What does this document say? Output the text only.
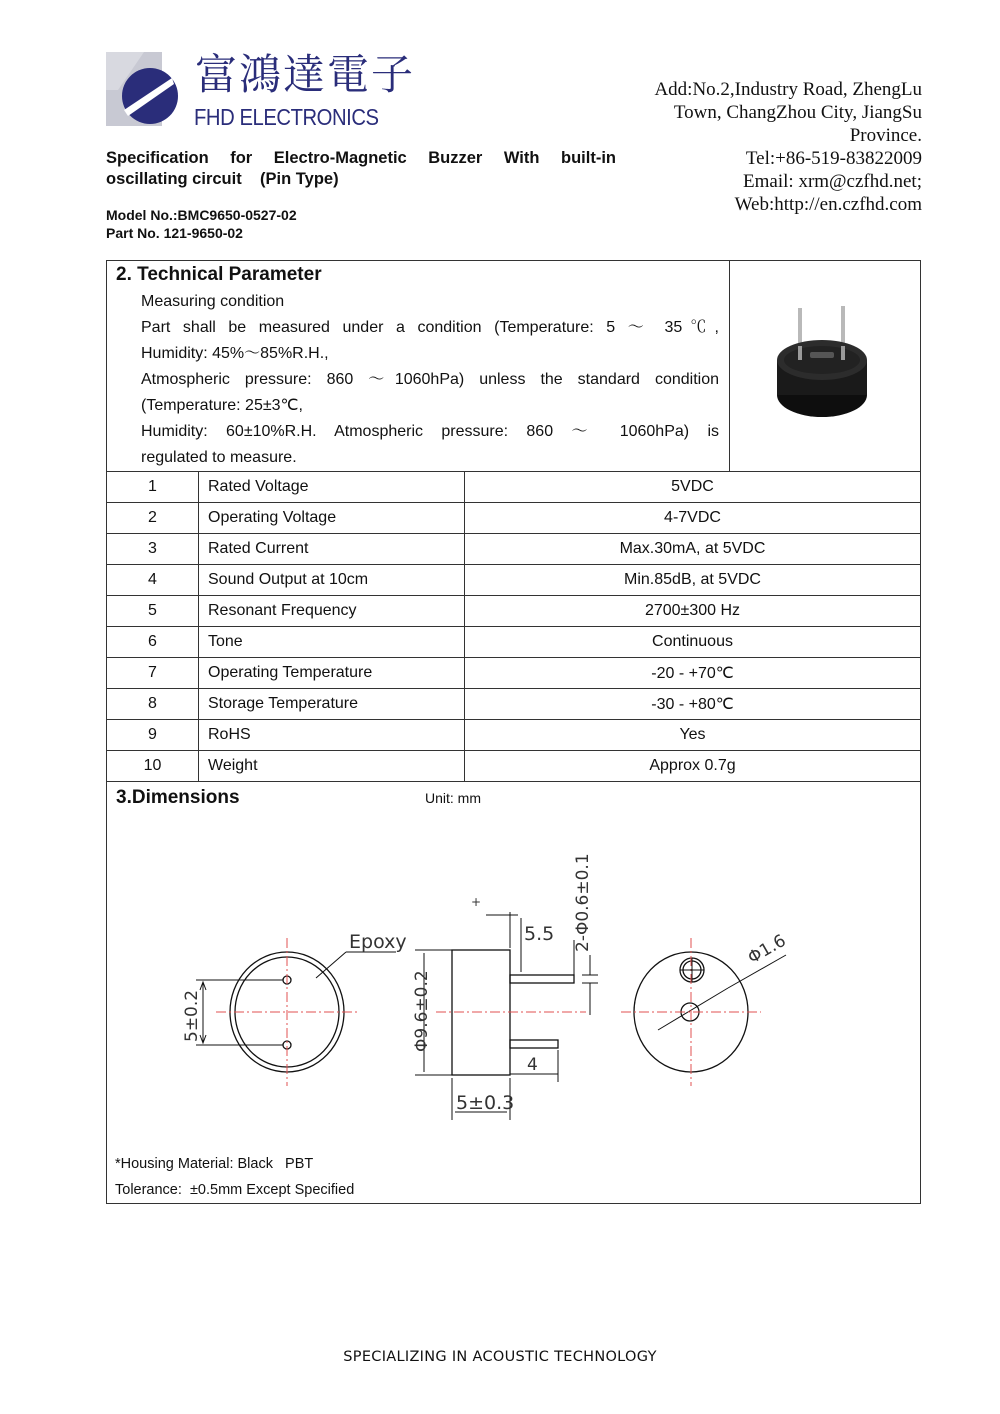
富鴻達電子
FHD ELECTRONICS
Add:No.2,Industry Road, ZhengLu
Town, ChangZhou City, JiangSu
Province.
Tel:+86-519-83822009
Email: xrm@czfhd.net;
Web:http://en.czfhd.com
Specification for Electro-Magnetic Buzzer With built-in
oscillating circuit    (Pin Type)
Model No.:BMC9650-0527-02
Part No. 121-9650-02
2. Technical Parameter

Measuring condition

Part shall be measured under a condition (Temperature: 5 ～ 35℃,

Humidity: 45%～85%R.H.,

Atmospheric pressure: 860 ～1060hPa) unless the standard condition

(Temperature: 25±3℃,

Humidity: 60±10%R.H. Atmospheric pressure: 860 ～ 1060hPa) is

regulated to measure.

1	Rated Voltage	5VDC
2	Operating Voltage	4-7VDC
3	Rated Current	Max.30mA, at 5VDC
4	Sound Output at 10cm	Min.85dB, at 5VDC
5	Resonant Frequency	2700±300 Hz
6	Tone	Continuous
7	Operating Temperature	-20 - +70℃
8	Storage Temperature	-30 - +80℃
9	RoHS	Yes
10	Weight	Approx 0.7g
3.Dimensions	Unit: mm
Epoxy
5±0.2	Φ9.6±0.2
5±0.3
5.5
4
2-Φ0.6±0.1	Φ1.6
+
*Housing Material: Black   PBT
Tolerance:  ±0.5mm Except Specified
SPECIALIZING IN ACOUSTIC TECHNOLOGY
